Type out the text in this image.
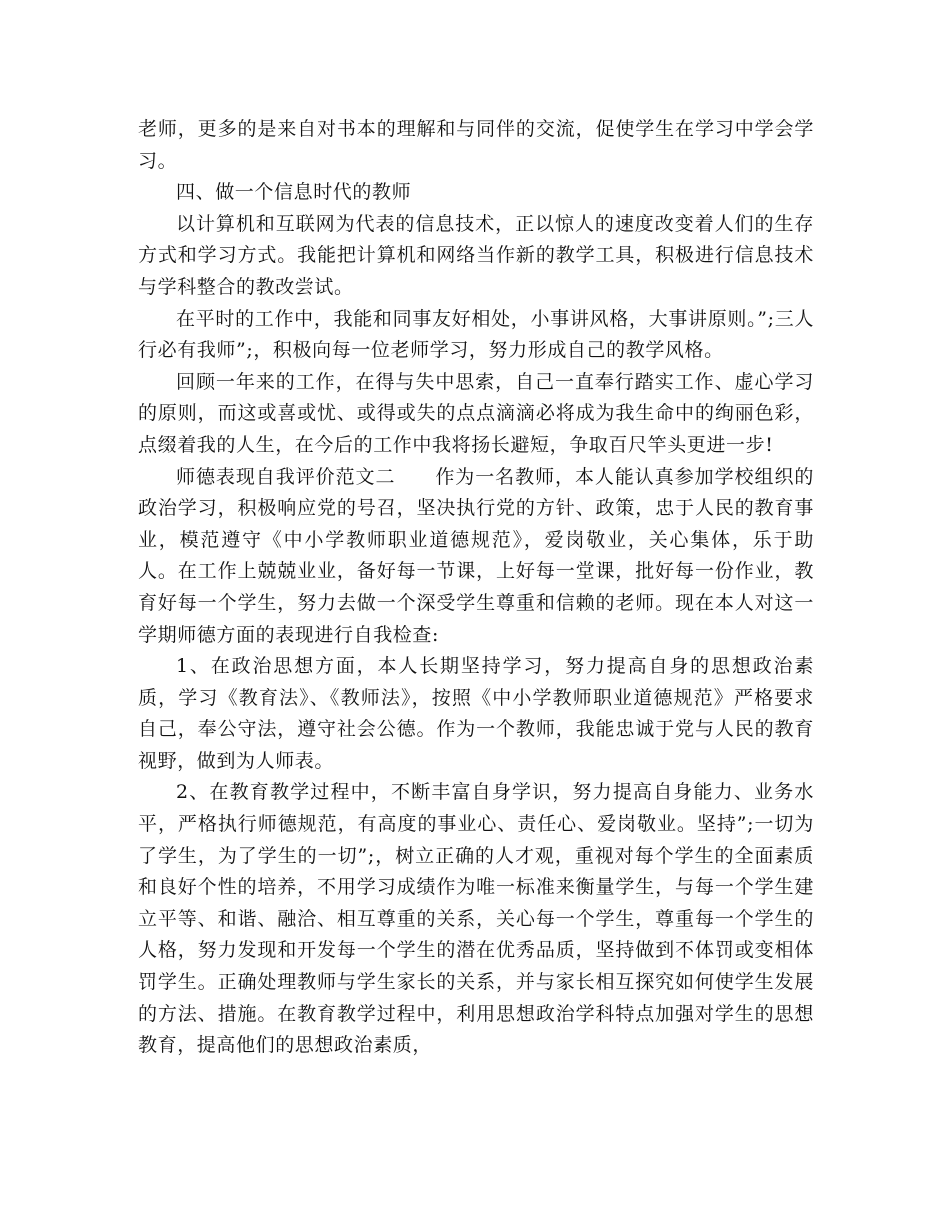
老师，更多的是来自对书本的理解和与同伴的交流，促使学生在学习中学会学习。

四、做一个信息时代的教师

以计算机和互联网为代表的信息技术，正以惊人的速度改变着人们的生存方式和学习方式。我能把计算机和网络当作新的教学工具，积极进行信息技术与学科整合的教改尝试。

在平时的工作中，我能和同事友好相处，小事讲风格，大事讲原则。”;三人行必有我师”;，积极向每一位老师学习，努力形成自己的教学风格。

回顾一年来的工作，在得与失中思索，自己一直奉行踏实工作、虚心学习的原则，而这或喜或忧、或得或失的点点滴滴必将成为我生命中的绚丽色彩，点缀着我的人生，在今后的工作中我将扬长避短，争取百尺竿头更进一步!

师德表现自我评价范文二　　作为一名教师，本人能认真参加学校组织的政治学习，积极响应党的号召，坚决执行党的方针、政策，忠于人民的教育事业，模范遵守《中小学教师职业道德规范》，爱岗敬业，关心集体，乐于助人。在工作上兢兢业业，备好每一节课，上好每一堂课，批好每一份作业，教育好每一个学生，努力去做一个深受学生尊重和信赖的老师。现在本人对这一学期师德方面的表现进行自我检查:

1、在政治思想方面，本人长期坚持学习，努力提高自身的思想政治素质，学习《教育法》、《教师法》，按照《中小学教师职业道德规范》严格要求自己，奉公守法，遵守社会公德。作为一个教师，我能忠诚于党与人民的教育视野，做到为人师表。

2、在教育教学过程中，不断丰富自身学识，努力提高自身能力、业务水平，严格执行师德规范，有高度的事业心、责任心、爱岗敬业。坚持”;一切为了学生，为了学生的一切”;，树立正确的人才观，重视对每个学生的全面素质和良好个性的培养，不用学习成绩作为唯一标准来衡量学生，与每一个学生建立平等、和谐、融洽、相互尊重的关系，关心每一个学生，尊重每一个学生的人格，努力发现和开发每一个学生的潜在优秀品质，坚持做到不体罚或变相体罚学生。正确处理教师与学生家长的关系，并与家长相互探究如何使学生发展的方法、措施。在教育教学过程中，利用思想政治学科特点加强对学生的思想教育，提高他们的思想政治素质，
